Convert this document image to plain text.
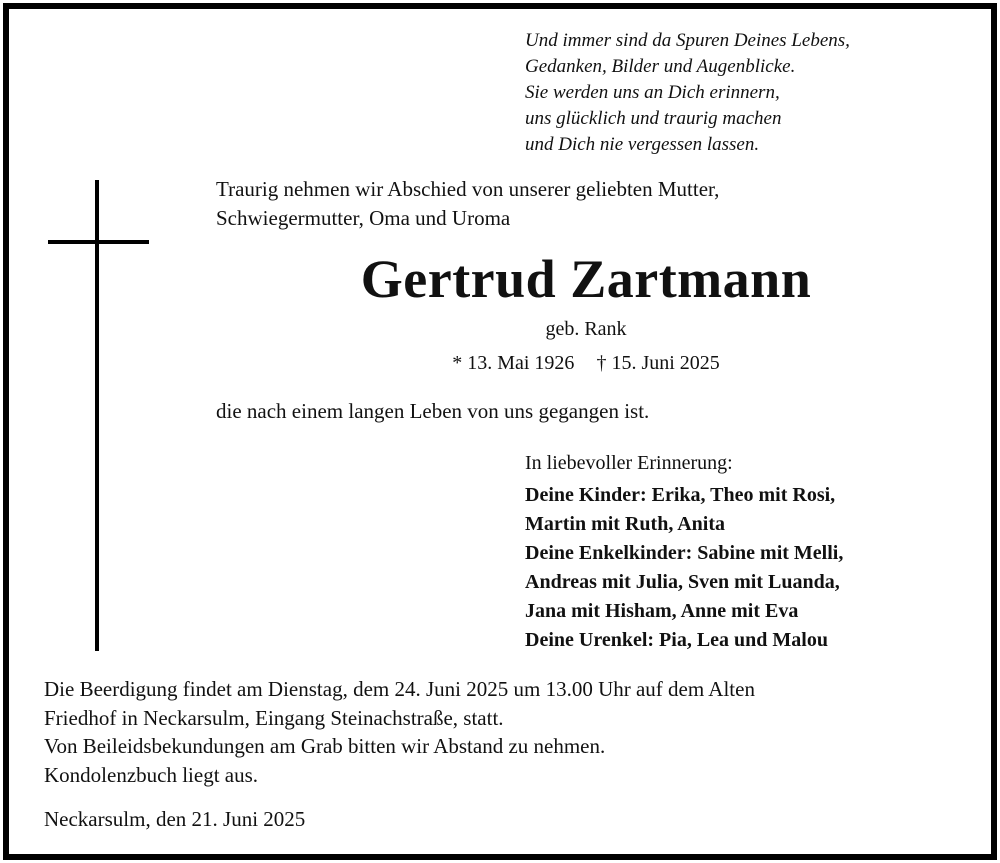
Und immer sind da Spuren Deines Lebens,
Gedanken, Bilder und Augenblicke.
Sie werden uns an Dich erinnern,
uns glücklich und traurig machen
und Dich nie vergessen lassen.
Traurig nehmen wir Abschied von unserer geliebten Mutter,
Schwiegermutter, Oma und Uroma
Gertrud Zartmann
geb. Rank
* 13. Mai 1926 † 15. Juni 2025
die nach einem langen Leben von uns gegangen ist.
In liebevoller Erinnerung:
Deine Kinder: Erika, Theo mit Rosi,
Martin mit Ruth, Anita
Deine Enkelkinder: Sabine mit Melli,
Andreas mit Julia, Sven mit Luanda,
Jana mit Hisham, Anne mit Eva
Deine Urenkel: Pia, Lea und Malou
Die Beerdigung findet am Dienstag, dem 24. Juni 2025 um 13.00 Uhr auf dem Alten
Friedhof in Neckarsulm, Eingang Steinachstraße, statt.
Von Beileidsbekundungen am Grab bitten wir Abstand zu nehmen.
Kondolenzbuch liegt aus.
Neckarsulm, den 21. Juni 2025
